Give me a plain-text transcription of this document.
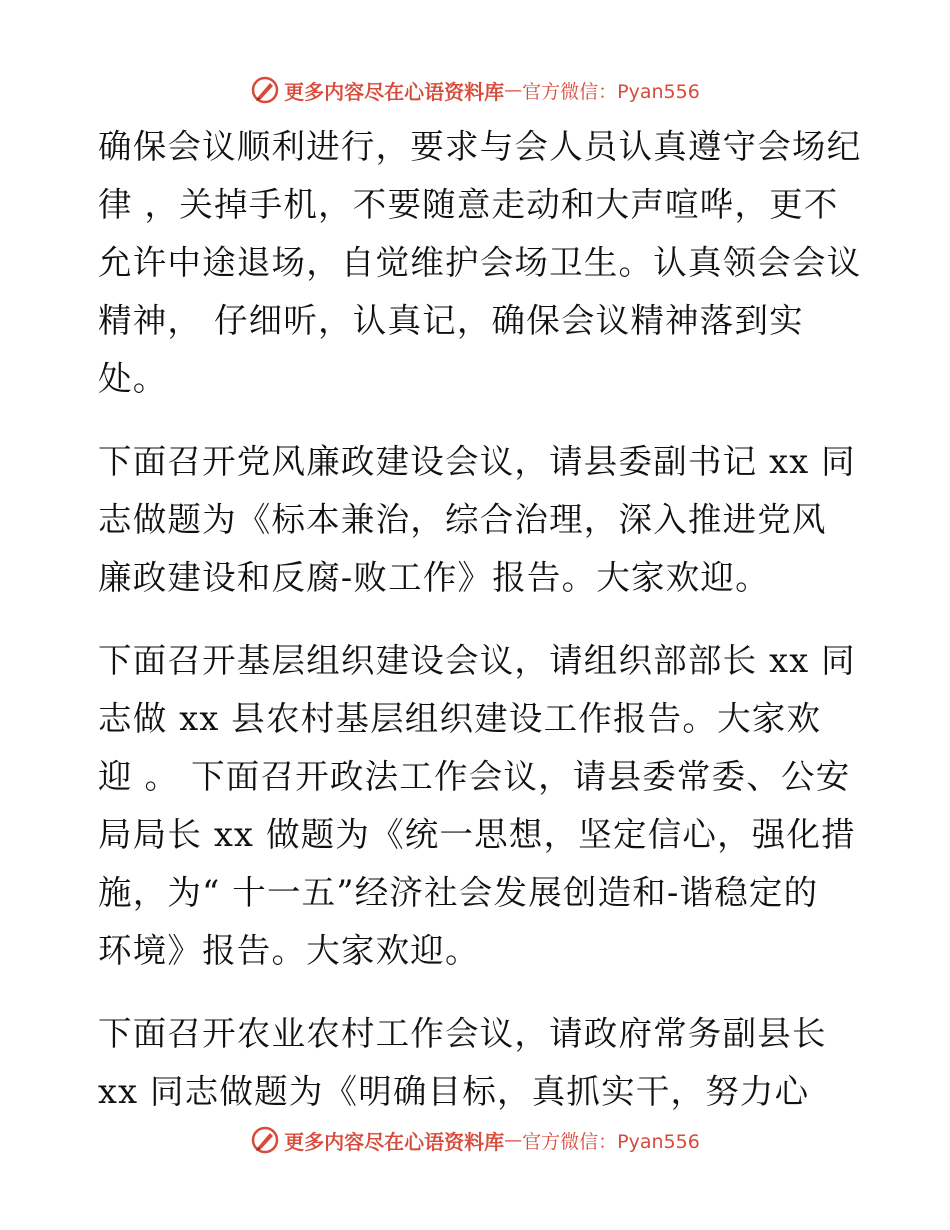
更多内容尽在心语资料库 — 官方微信：Pyan556
确保会议顺利进行，要求与会人员认真遵守会场纪
律 ，关掉手机，不要随意走动和大声喧哗，更不
允许中途退场，自觉维护会场卫生。认真领会会议
精神， 仔细听，认真记，确保会议精神落到实
处。
下面召开党风廉政建设会议，请县委副书记 xx 同
志做题为《标本兼治，综合治理，深入推进党风
廉政建设和反腐-败工作》报告。大家欢迎。
下面召开基层组织建设会议，请组织部部长 xx 同
志做 xx 县农村基层组织建设工作报告。大家欢
迎 。 下面召开政法工作会议，请县委常委、公安
局局长 xx 做题为《统一思想，坚定信心，强化措
施，为“ 十一五”经济社会发展创造和-谐稳定的
环境》报告。大家欢迎。
下面召开农业农村工作会议，请政府常务副县长
xx 同志做题为《明确目标，真抓实干，努力心
更多内容尽在心语资料库 — 官方微信：Pyan556
